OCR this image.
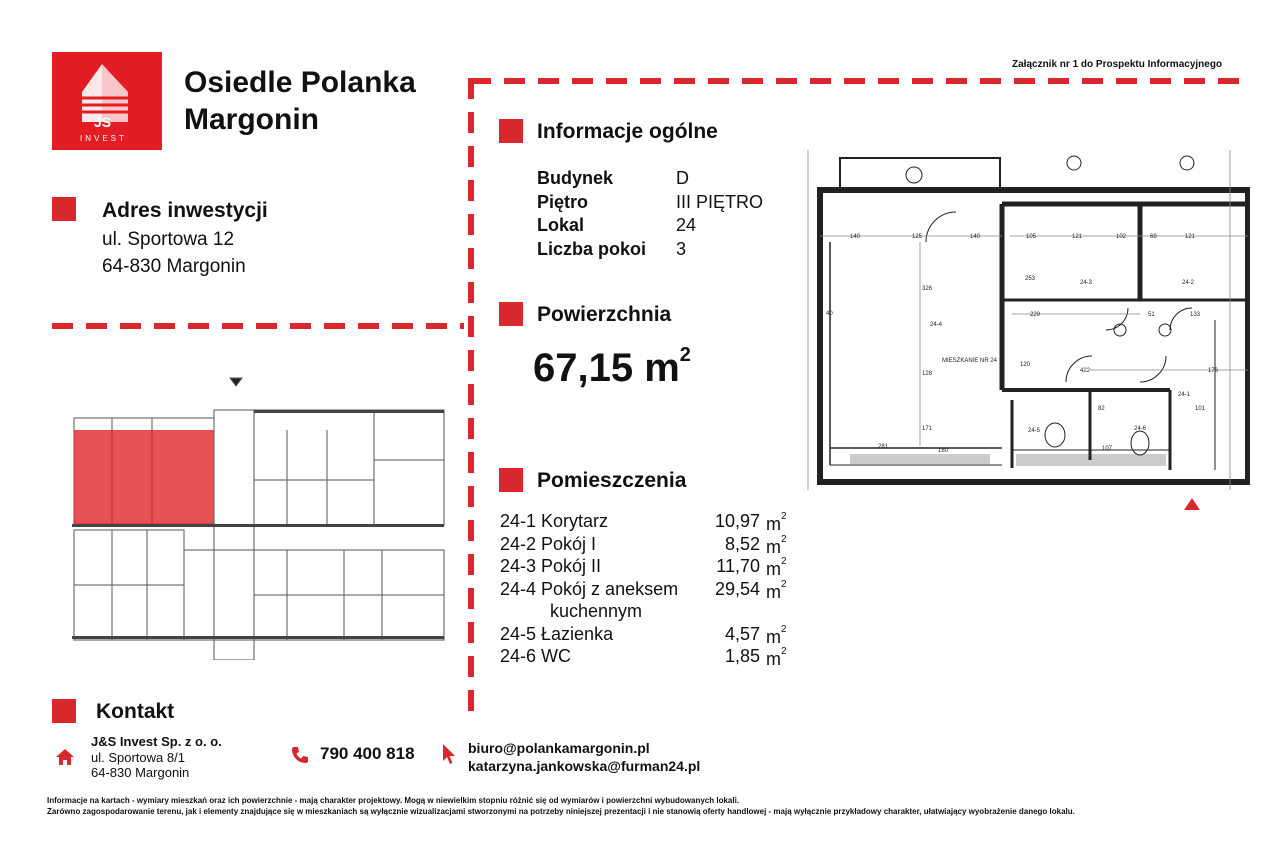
Załącznik nr 1 do Prospektu Informacyjnego
JS
INVEST
Osiedle Polanka
Margonin
Adres inwestycji
ul. Sportowa 12
64-830 Margonin
Informacje ogólne
Budynek	D
Piętro	III PIĘTRO
Lokal	24
Liczba pokoi 3
Powierzchnia
67,15 $m^2$
Pomieszczenia
24-1 Korytarz	10,97 $m^2$
24-2 Pokój I	8,52 $m^2$
24-3 Pokój II	11,70 $m^2$
24-4 Pokój z aneksem 29,54 $m^2$
kuchennym
24-5 Łazienka	4,57 $m^2$
24-6 WC	1,85 $m^2$
140	125	140	105	121	102	69	121
229	51	133
326
128
171
180
281
422	176
101
82
107
120
253
40
24-4
24-3	24-2
24-1
24-5	24-6
MIESZKANIE NR 24
Kontakt
J&S Invest Sp. z o. o.
ul. Sportowa 8/1
64-830 Margonin
790 400 818	biuro@polankamargonin.pl
katarzyna.jankowska@furman24.pl
Informacje na kartach - wymiary mieszkań oraz ich powierzchnie - mają charakter projektowy. Mogą w niewielkim stopniu różnić się od wymiarów i powierzchni wybudowanych lokali.
Zarówno zagospodarowanie terenu, jak i elementy znajdujące się w mieszkaniach są wyłącznie wizualizacjami stworzonymi na potrzeby niniejszej prezentacji i nie stanowią oferty handlowej - mają wyłącznie przykładowy charakter, ułatwiający wyobrażenie danego lokalu.
